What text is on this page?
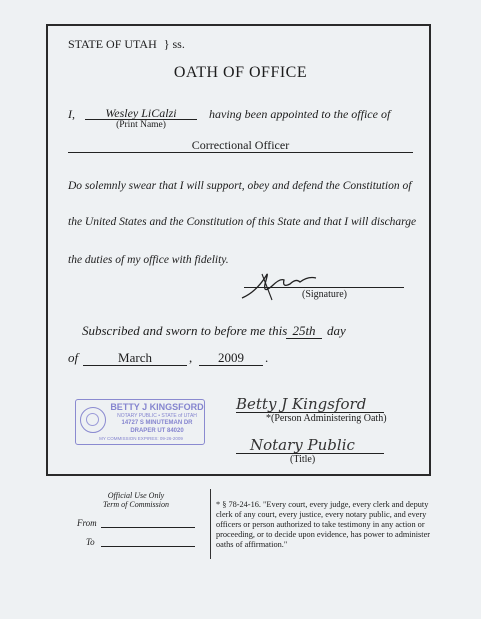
STATE OF UTAH } ss.
OATH OF OFFICE
I,	Wesley LiCalzi
(Print Name)
having been appointed to the office of
Correctional Officer
Do solemnly swear that I will support, obey and defend the Constitution of
the United States and the Constitution of this State and that I will discharge
the duties of my office with fidelity.
(Signature)
Subscribed and sworn to before me this 25th day
of	March	,	2009	.
BETTY J KINGSFORD
NOTARY PUBLIC • STATE of UTAH
14727 S MINUTEMAN DR
DRAPER UT 84020
MY COMMISSION EXPIRES: 09-26-2009
Betty J Kingsford
*(Person Administering Oath)
Notary Public
(Title)
Official Use Only
Term of Commission
From
To
* § 78-24-16. "Every court, every judge, every clerk and deputy clerk of any court, every justice, every notary public, and every officers or person authorized to take testimony in any action or proceeding, or to decide upon evidence, has power to administer oaths of affirmation."
